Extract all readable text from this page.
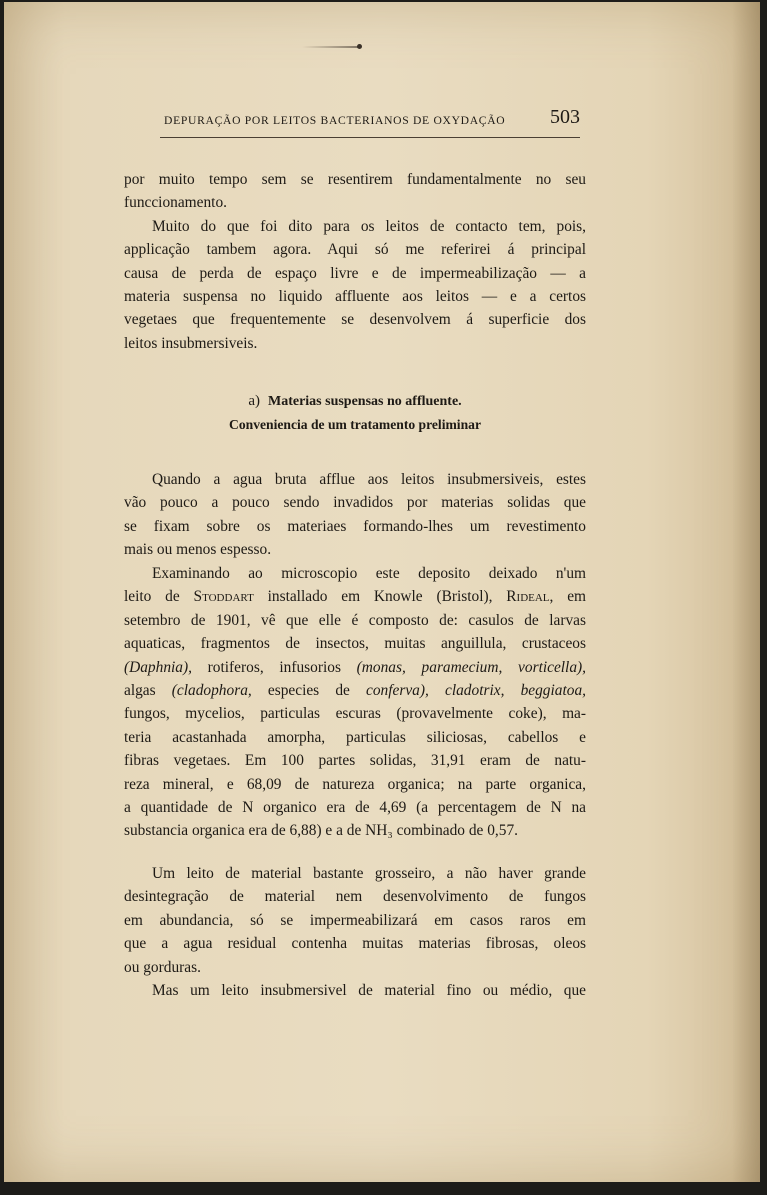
DEPURAÇÃO POR LEITOS BACTERIANOS DE OXYDAÇÃO 503
por muito tempo sem se resentirem fundamentalmente no seu
funccionamento.
Muito do que foi dito para os leitos de contacto tem, pois,
applicação tambem agora. Aqui só me referirei á principal
causa de perda de espaço livre e de impermeabilização — a
materia suspensa no liquido affluente aos leitos — e a certos
vegetaes que frequentemente se desenvolvem á superficie dos
leitos insubmersiveis.
a) Materias suspensas no affluente.
Conveniencia de um tratamento preliminar
Quando a agua bruta afflue aos leitos insubmersiveis, estes
vão pouco a pouco sendo invadidos por materias solidas que
se fixam sobre os materiaes formando-lhes um revestimento
mais ou menos espesso.
Examinando ao microscopio este deposito deixado n'um
leito de Stoddart installado em Knowle (Bristol), Rideal, em
setembro de 1901, vê que elle é composto de: casulos de larvas
aquaticas, fragmentos de insectos, muitas anguillula, crustaceos
(Daphnia), rotiferos, infusorios (monas, paramecium, vorticella),
algas (cladophora, especies de conferva), cladotrix, beggiatoa,
fungos, mycelios, particulas escuras (provavelmente coke), ma-
teria acastanhada amorpha, particulas siliciosas, cabellos e
fibras vegetaes. Em 100 partes solidas, 31,91 eram de natu-
reza mineral, e 68,09 de natureza organica; na parte organica,
a quantidade de N organico era de 4,69 (a percentagem de N na
substancia organica era de 6,88) e a de NH₃ combinado de 0,57.
Um leito de material bastante grosseiro, a não haver grande
desintegração de material nem desenvolvimento de fungos
em abundancia, só se impermeabilizará em casos raros em
que a agua residual contenha muitas materias fibrosas, oleos
ou gorduras.
Mas um leito insubmersivel de material fino ou médio, que
